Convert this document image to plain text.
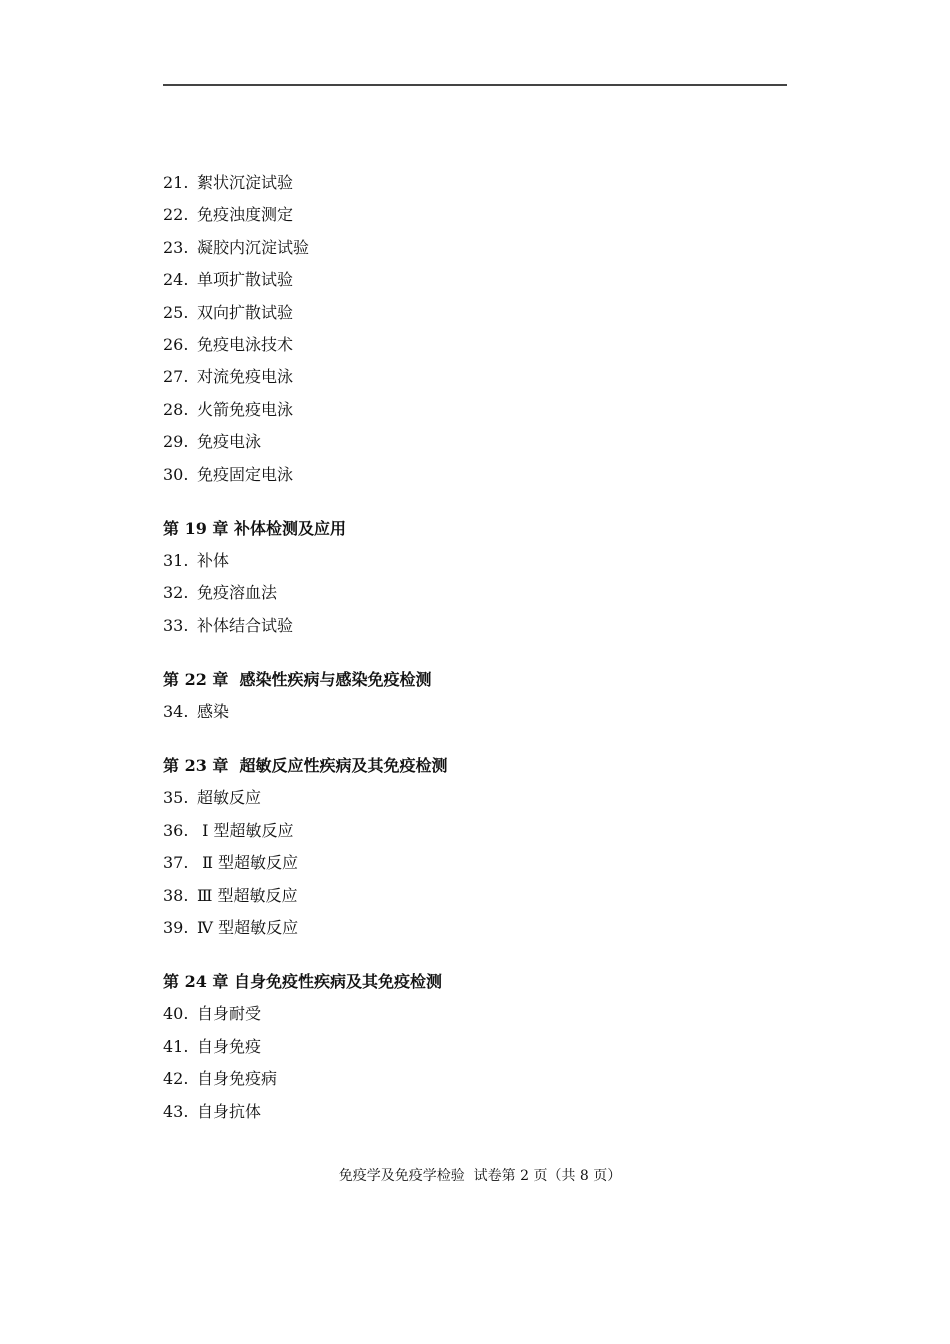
21. 絮状沉淀试验
22. 免疫浊度测定
23. 凝胶内沉淀试验
24. 单项扩散试验
25. 双向扩散试验
26. 免疫电泳技术
27. 对流免疫电泳
28. 火箭免疫电泳
29. 免疫电泳
30. 免疫固定电泳
第 19 章 补体检测及应用
31. 补体
32. 免疫溶血法
33. 补体结合试验
第 22 章  感染性疾病与感染免疫检测
34. 感染
第 23 章  超敏反应性疾病及其免疫检测
35. 超敏反应
36. Ⅰ 型超敏反应
37. Ⅱ 型超敏反应
38. Ⅲ 型超敏反应
39. Ⅳ 型超敏反应
第 24 章 自身免疫性疾病及其免疫检测
40. 自身耐受
41. 自身免疫
42. 自身免疫病
43. 自身抗体
免疫学及免疫学检验  试卷第 2 页（共 8 页）
